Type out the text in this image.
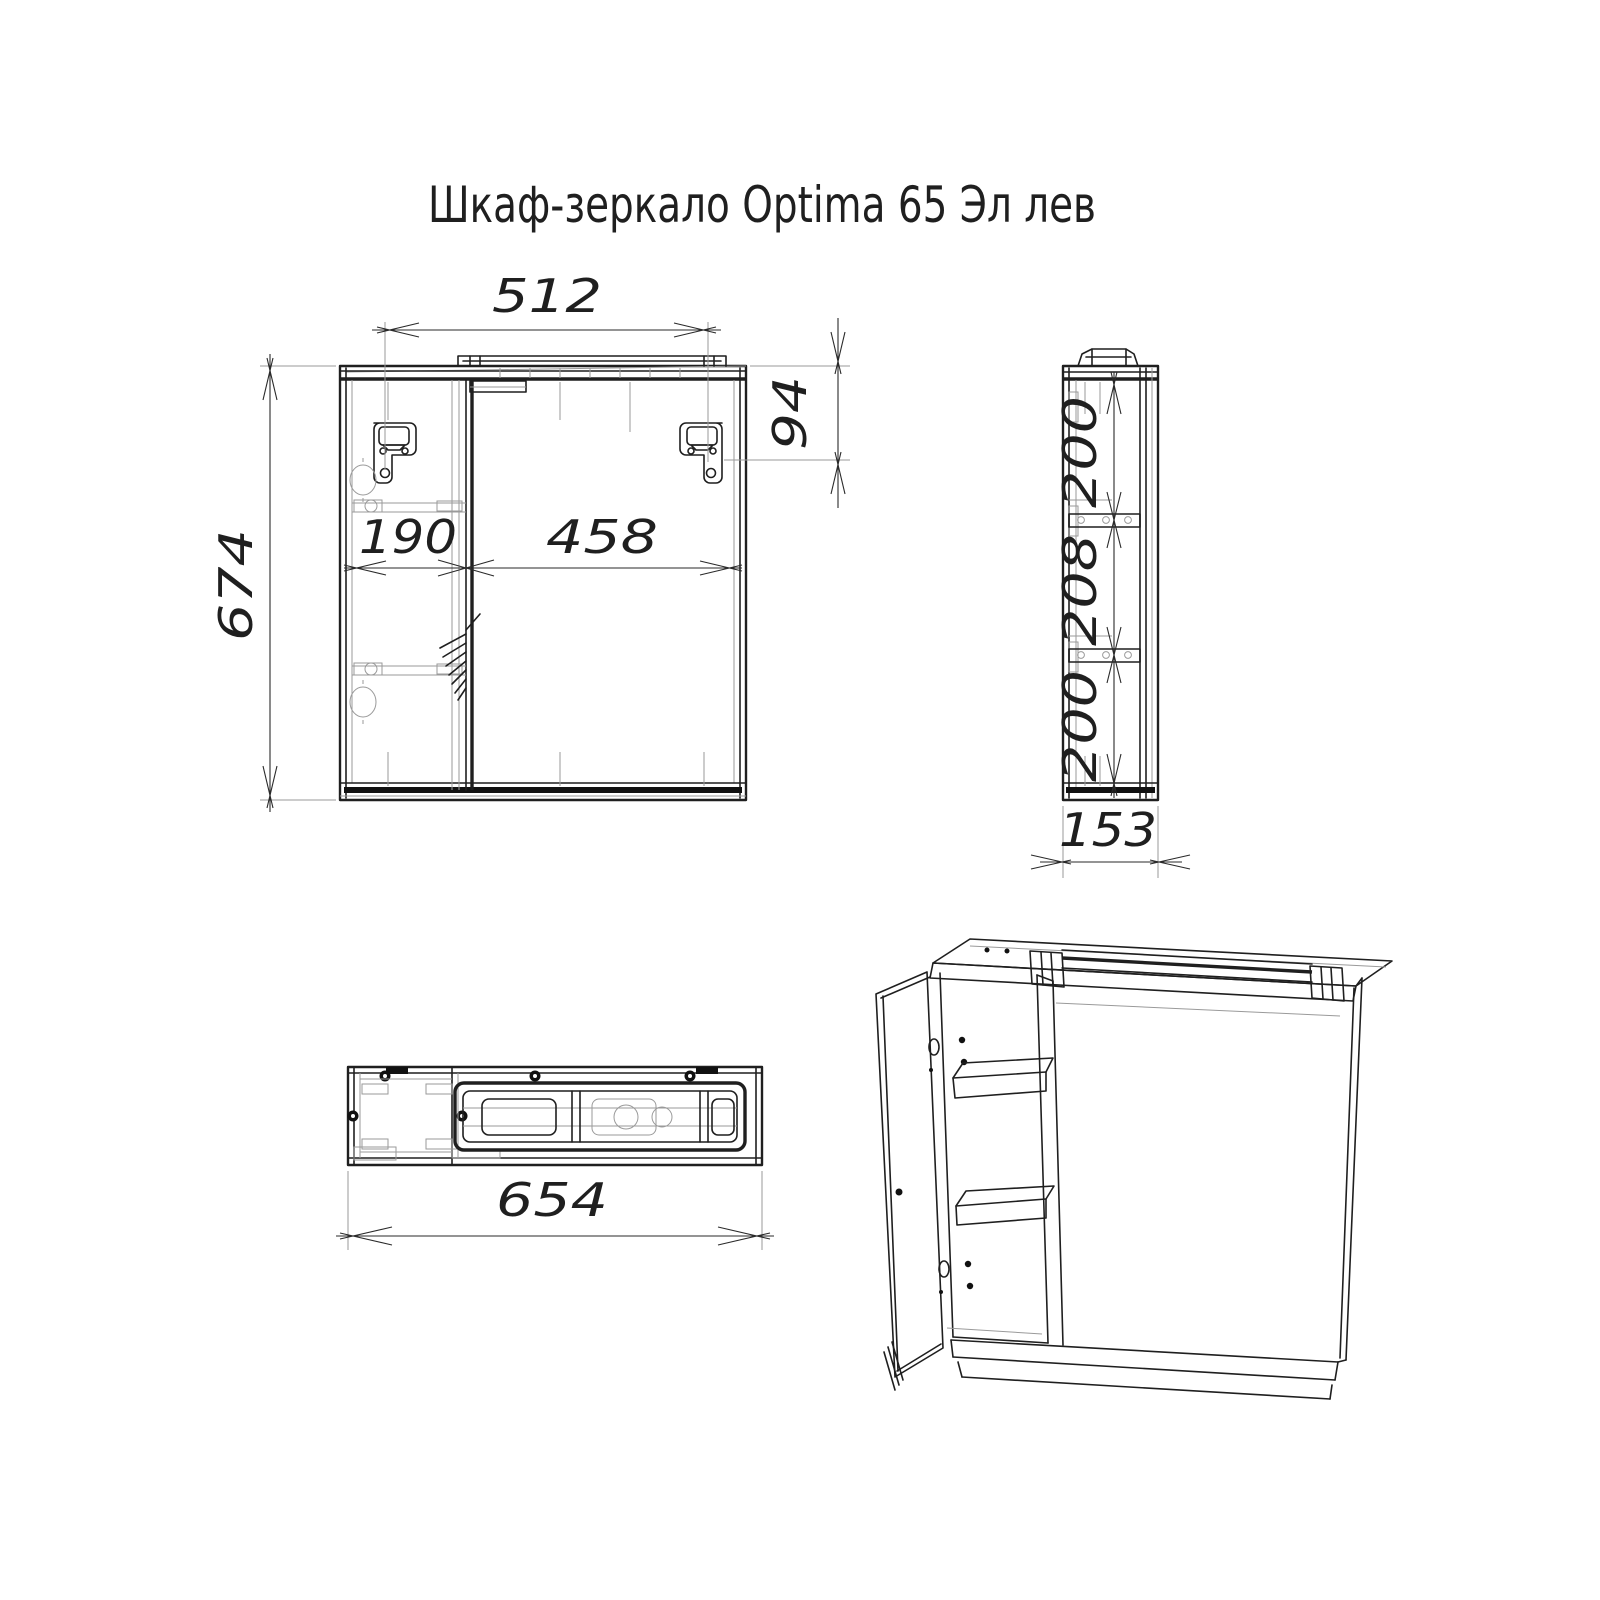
Шкаф-зеркало Optima 65 Эл лев
512
94
674
190 458
200
208
200
153
654
